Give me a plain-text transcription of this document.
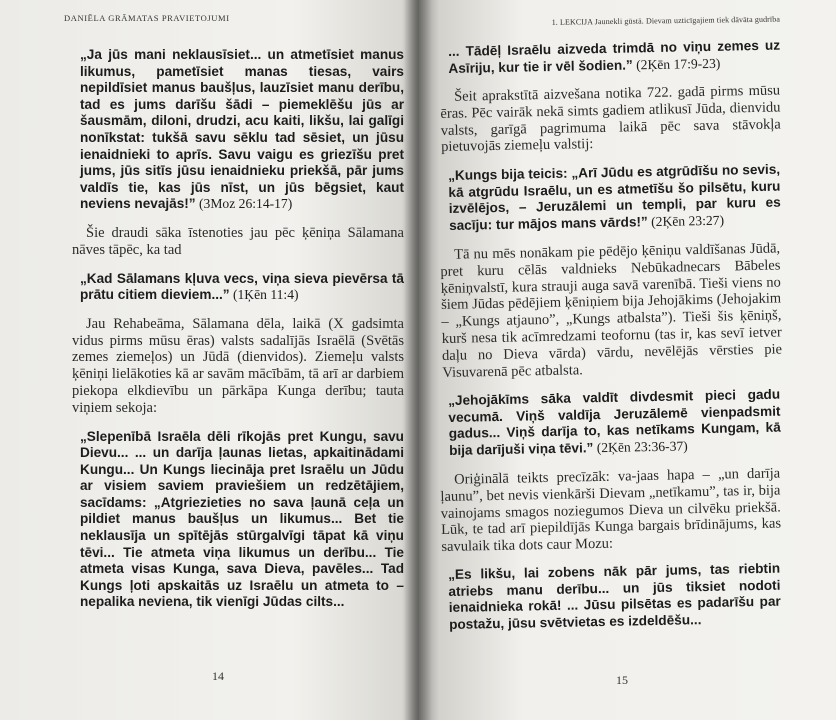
DANIĒLA GRĀMATAS PRAVIETOJUMI

„Ja jūs mani neklausīsiet... un atmetīsiet manus likumus, pametīsiet manas tiesas, vairs nepildīsiet manus baušļus, lauzīsiet manu derību, tad es jums darīšu šādi – piemeklēšu jūs ar šausmām, diloni, drudzi, acu kaiti, likšu, lai galīgi nonīkstat: tukšā savu sēklu tad sēsiet, un jūsu ienaidnieki to aprīs. Savu vaigu es griezīšu pret jums, jūs sitīs jūsu ienaidnieku priekšā, pār jums valdīs tie, kas jūs nīst, un jūs bēgsiet, kaut neviens nevajās!” (3Moz 26:14-17)

Šie draudi sāka īstenoties jau pēc ķēniņa Sālamana nāves tāpēc, ka tad

„Kad Sālamans kļuva vecs, viņa sieva pievērsa tā prātu citiem dieviem...” (1Ķēn 11:4)

Jau Rehabeāma, Sālamana dēla, laikā (X gadsimta vidus pirms mūsu ēras) valsts sadalījās Israēlā (Svētās zemes ziemeļos) un Jūdā (dienvidos). Ziemeļu valsts ķēniņi lielākoties kā ar savām mācībām, tā arī ar darbiem piekopa elkdievību un pārkāpa Kunga derību; tauta viņiem sekoja:

„Slepenībā Israēla dēli rīkojās pret Kungu, savu Dievu... ... un darīja ļaunas lietas, apkaitinādami Kungu... Un Kungs liecināja pret Israēlu un Jūdu ar visiem saviem praviešiem un redzētājiem, sacīdams: „Atgriezieties no sava ļaunā ceļa un pildiet manus baušļus un likumus... Bet tie neklausīja un spītējās stūrgalvīgi tāpat kā viņu tēvi... Tie atmeta viņa likumus un derību... Tie atmeta visas Kunga, sava Dieva, pavēles... Tad Kungs ļoti apskaitās uz Israēlu un atmeta to – nepalika neviena, tik vienīgi Jūdas cilts...

14
1. LEKCIJA Jaunekli gūstā. Dievam uzticīgajiem tiek dāvāta gudrība

... Tādēļ Israēlu aizveda trimdā no viņu zemes uz Asīriju, kur tie ir vēl šodien.” (2Ķēn 17:9-23)

Šeit aprakstītā aizvešana notika 722. gadā pirms mūsu ēras. Pēc vairāk nekā simts gadiem atlikusī Jūda, dienvidu valsts, garīgā pagrimuma laikā pēc sava stāvokļa pietuvojās ziemeļu valstij:

„Kungs bija teicis: „Arī Jūdu es atgrūdīšu no sevis, kā atgrūdu Israēlu, un es atmetīšu šo pilsētu, kuru izvēlējos, – Jeruzālemi un templi, par kuru es sacīju: tur mājos mans vārds!” (2Ķēn 23:27)

Tā nu mēs nonākam pie pēdējo ķēniņu valdīšanas Jūdā, pret kuru cēlās valdnieks Nebūkadnecars Bābeles ķēniņvalstī, kura strauji auga savā varenībā. Tieši viens no šiem Jūdas pēdējiem ķēniņiem bija Jehojākims (Jehojakim – „Kungs atjauno”, „Kungs atbalsta”). Tieši šis ķēniņš, kurš nesa tik acīmredzami teofornu (tas ir, kas sevī ietver daļu no Dieva vārda) vārdu, nevēlējās vērsties pie Visuvarenā pēc atbalsta.

„Jehojākīms sāka valdīt divdesmit pieci gadu vecumā. Viņš valdīja Jeruzālemē vienpadsmit gadus... Viņš darīja to, kas netīkams Kungam, kā bija darījuši viņa tēvi.” (2Ķēn 23:36-37)

Oriģinālā teikts precīzāk: va-jaas hapa – „un darīja ļaunu”, bet nevis vienkārši Dievam „netīkamu”, tas ir, bija vainojams smagos noziegumos Dieva un cilvēku priekšā. Lūk, te tad arī piepildījās Kunga bargais brīdinājums, kas savulaik tika dots caur Mozu:

„Es likšu, lai zobens nāk pār jums, tas riebtin atriebs manu derību... un jūs tiksiet nodoti ienaidnieka rokā! ... Jūsu pilsētas es padarīšu par postažu, jūsu svētvietas es izdeldēšu...

15
